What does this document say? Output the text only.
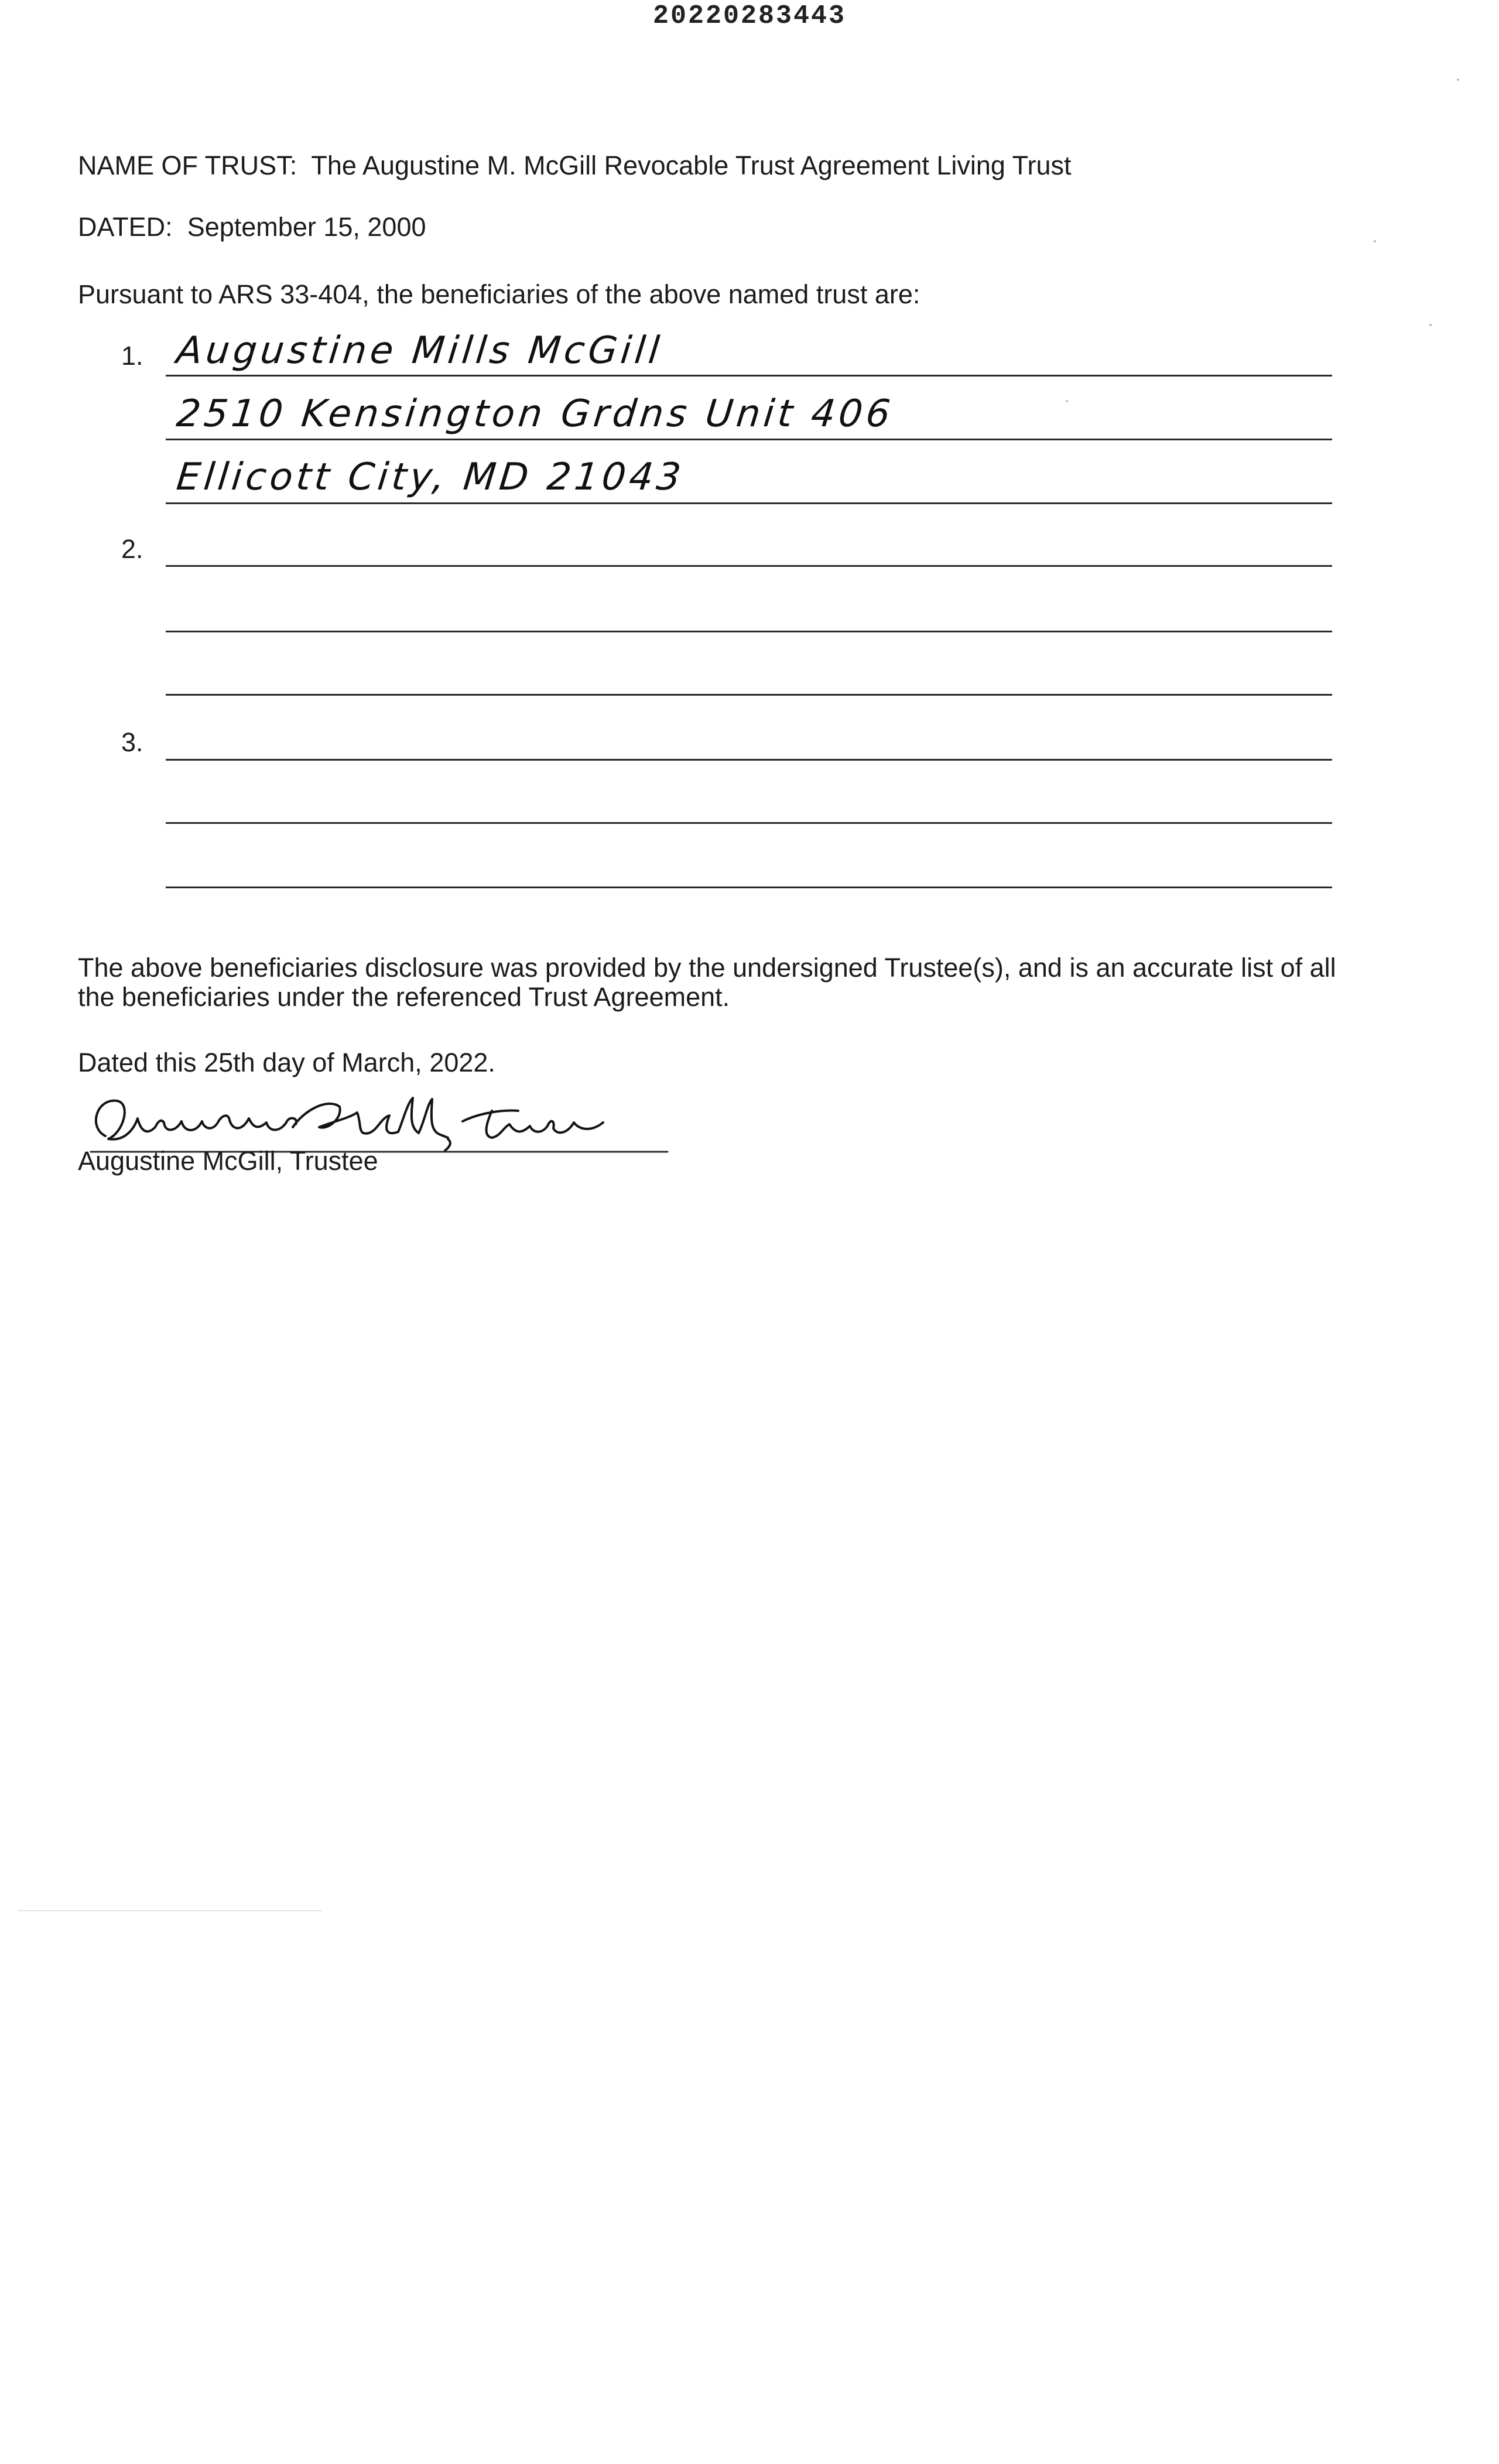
20220283443
NAME OF TRUST: The Augustine M. McGill Revocable Trust Agreement Living Trust
DATED: September 15, 2000
Pursuant to ARS 33-404, the beneficiaries of the above named trust are:
1. Augustine Mills McGill
2510 Kensington Grdns Unit 406
Ellicott City, MD 21043
2.
3.
The above beneficiaries disclosure was provided by the undersigned Trustee(s), and is an accurate list of all
the beneficiaries under the referenced Trust Agreement.
Dated this 25th day of March, 2022.
Augustine McGill, Trustee
